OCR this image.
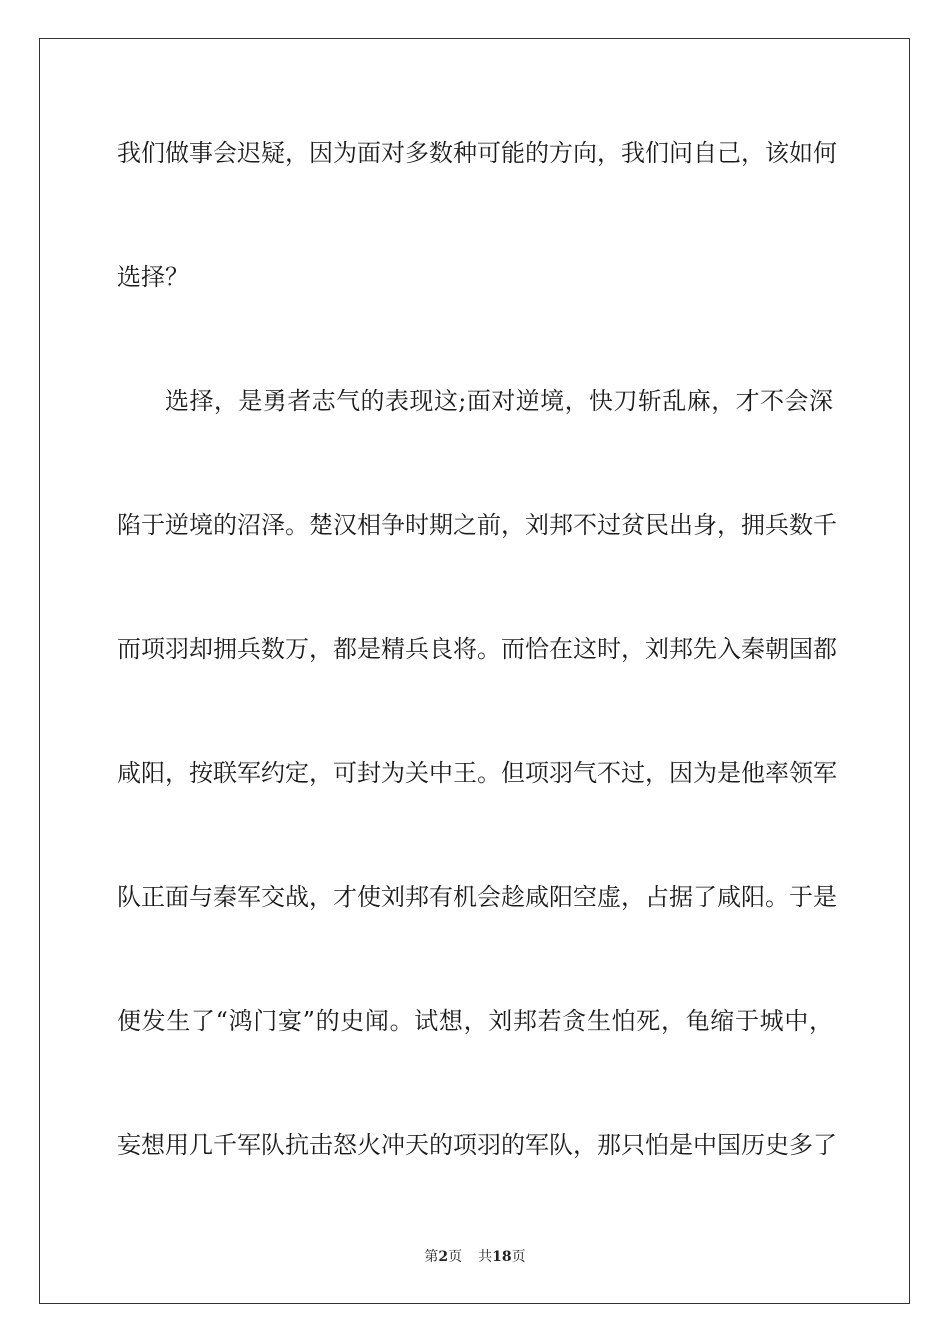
我们做事会迟疑，因为面对多数种可能的方向，我们问自己，该如何
选择？
选择，是勇者志气的表现这;面对逆境，快刀斩乱麻，才不会深
陷于逆境的沼泽。楚汉相争时期之前，刘邦不过贫民出身，拥兵数千
而项羽却拥兵数万，都是精兵良将。而恰在这时，刘邦先入秦朝国都
咸阳，按联军约定，可封为关中王。但项羽气不过，因为是他率领军
队正面与秦军交战，才使刘邦有机会趁咸阳空虚，占据了咸阳。于是
便发生了“鸿门宴”的史闻。试想，刘邦若贪生怕死，龟缩于城中，
妄想用几千军队抗击怒火冲天的项羽的军队，那只怕是中国历史多了
第2页 共18页
